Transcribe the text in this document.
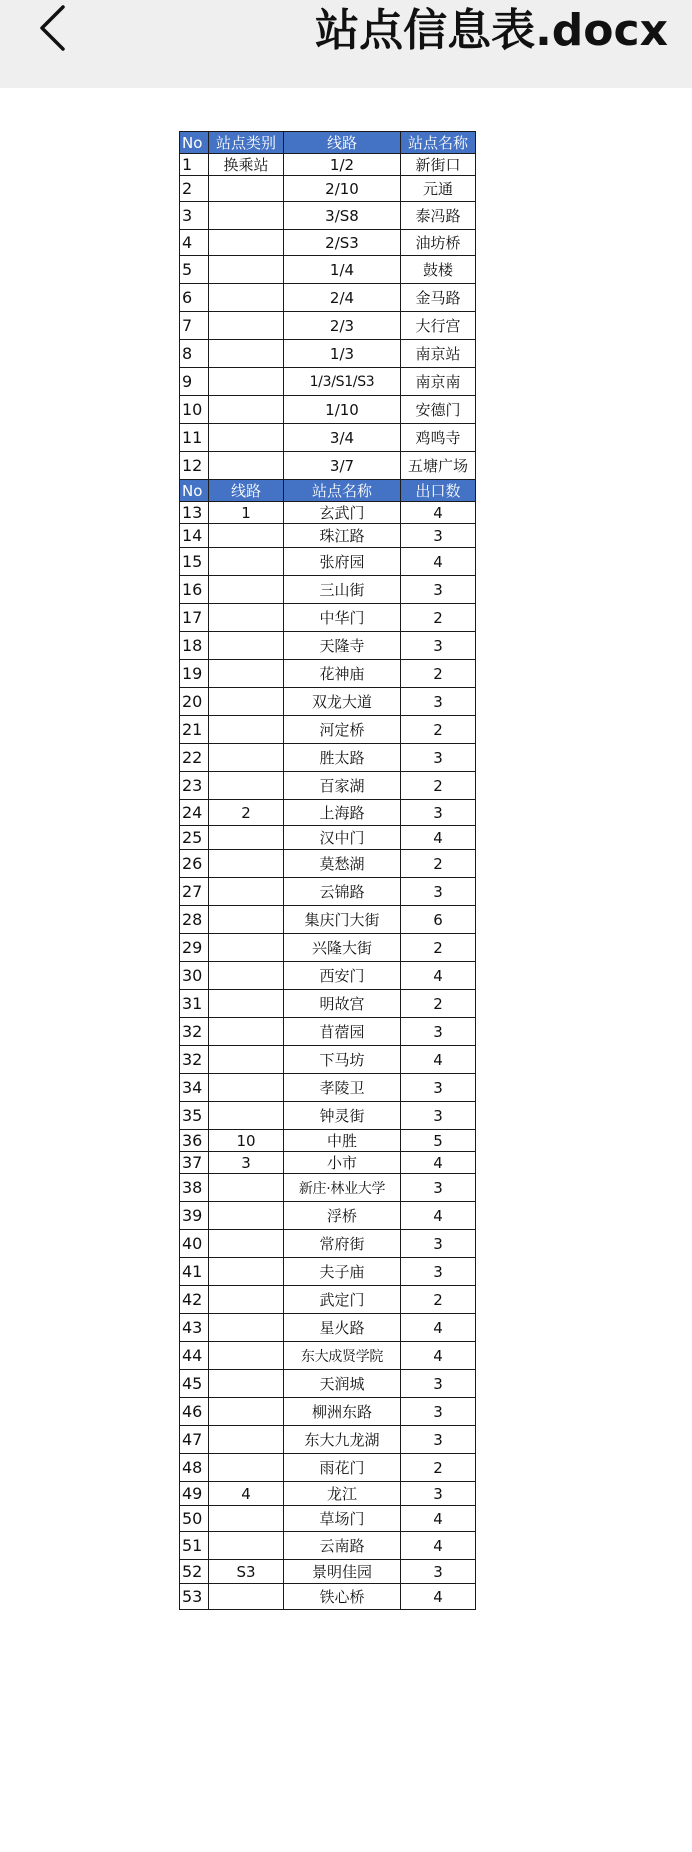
站点信息表.docx
No	站点类别	线路	站点名称
1	换乘站	1/2	新街口
2		2/10	元通
3		3/S8	泰冯路
4		2/S3	油坊桥
5		1/4	鼓楼
6		2/4	金马路
7		2/3	大行宫
8		1/3	南京站
9		1/3/S1/S3	南京南
10		1/10	安德门
11		3/4	鸡鸣寺
12		3/7	五塘广场
No	线路	站点名称	出口数
13	1	玄武门	4
14		珠江路	3
15		张府园	4
16		三山街	3
17		中华门	2
18		天隆寺	3
19		花神庙	2
20		双龙大道	3
21		河定桥	2
22		胜太路	3
23		百家湖	2
24	2	上海路	3
25		汉中门	4
26		莫愁湖	2
27		云锦路	3
28		集庆门大街	6
29		兴隆大街	2
30		西安门	4
31		明故宫	2
32		苜蓿园	3
32		下马坊	4
34		孝陵卫	3
35		钟灵街	3
36	10	中胜	5
37	3	小市	4
38		新庄·林业大学	3
39		浮桥	4
40		常府街	3
41		夫子庙	3
42		武定门	2
43		星火路	4
44		东大成贤学院	4
45		天润城	3
46		柳洲东路	3
47		东大九龙湖	3
48		雨花门	2
49	4	龙江	3
50		草场门	4
51		云南路	4
52	S3	景明佳园	3
53		铁心桥	4
